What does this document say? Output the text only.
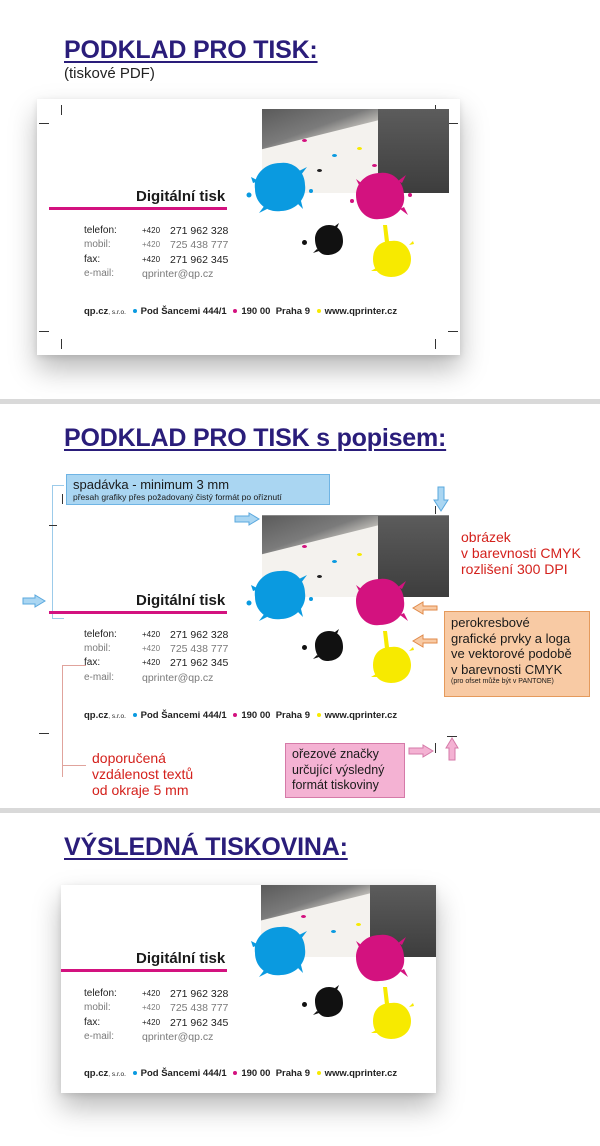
PODKLAD PRO TISK:
(tiskové PDF)
Digitální tisk
telefon:	+420 271 962 328
mobil:	+420 725 438 777
fax:	+420 271 962 345
e-mail:	qprinter@qp.cz
qp.cz, s.r.o. Pod Šancemi 444/1 190 00 Praha 9 www.qprinter.cz
PODKLAD PRO TISK s popisem:
Digitální tisk
telefon:	+420 271 962 328
mobil:	+420 725 438 777
fax:	+420 271 962 345
e-mail:	qprinter@qp.cz
qp.cz, s.r.o. Pod Šancemi 444/1 190 00 Praha 9 www.qprinter.cz
spadávka - minimum 3 mm
přesah grafiky přes požadovaný čistý formát po oříznutí
obrázek
v barevnosti CMYK
rozlišení 300 DPI
perokresbové
grafické prvky a loga
ve vektorové podobě
v barevnosti CMYK
(pro ofset může být v PANTONE)
doporučená
vzdálenost textů
od okraje 5 mm
ořezové značky
určující výsledný
formát tiskoviny
VÝSLEDNÁ TISKOVINA:
Digitální tisk
telefon:	+420 271 962 328
mobil:	+420 725 438 777
fax:	+420 271 962 345
e-mail:	qprinter@qp.cz
qp.cz, s.r.o. Pod Šancemi 444/1 190 00 Praha 9 www.qprinter.cz
